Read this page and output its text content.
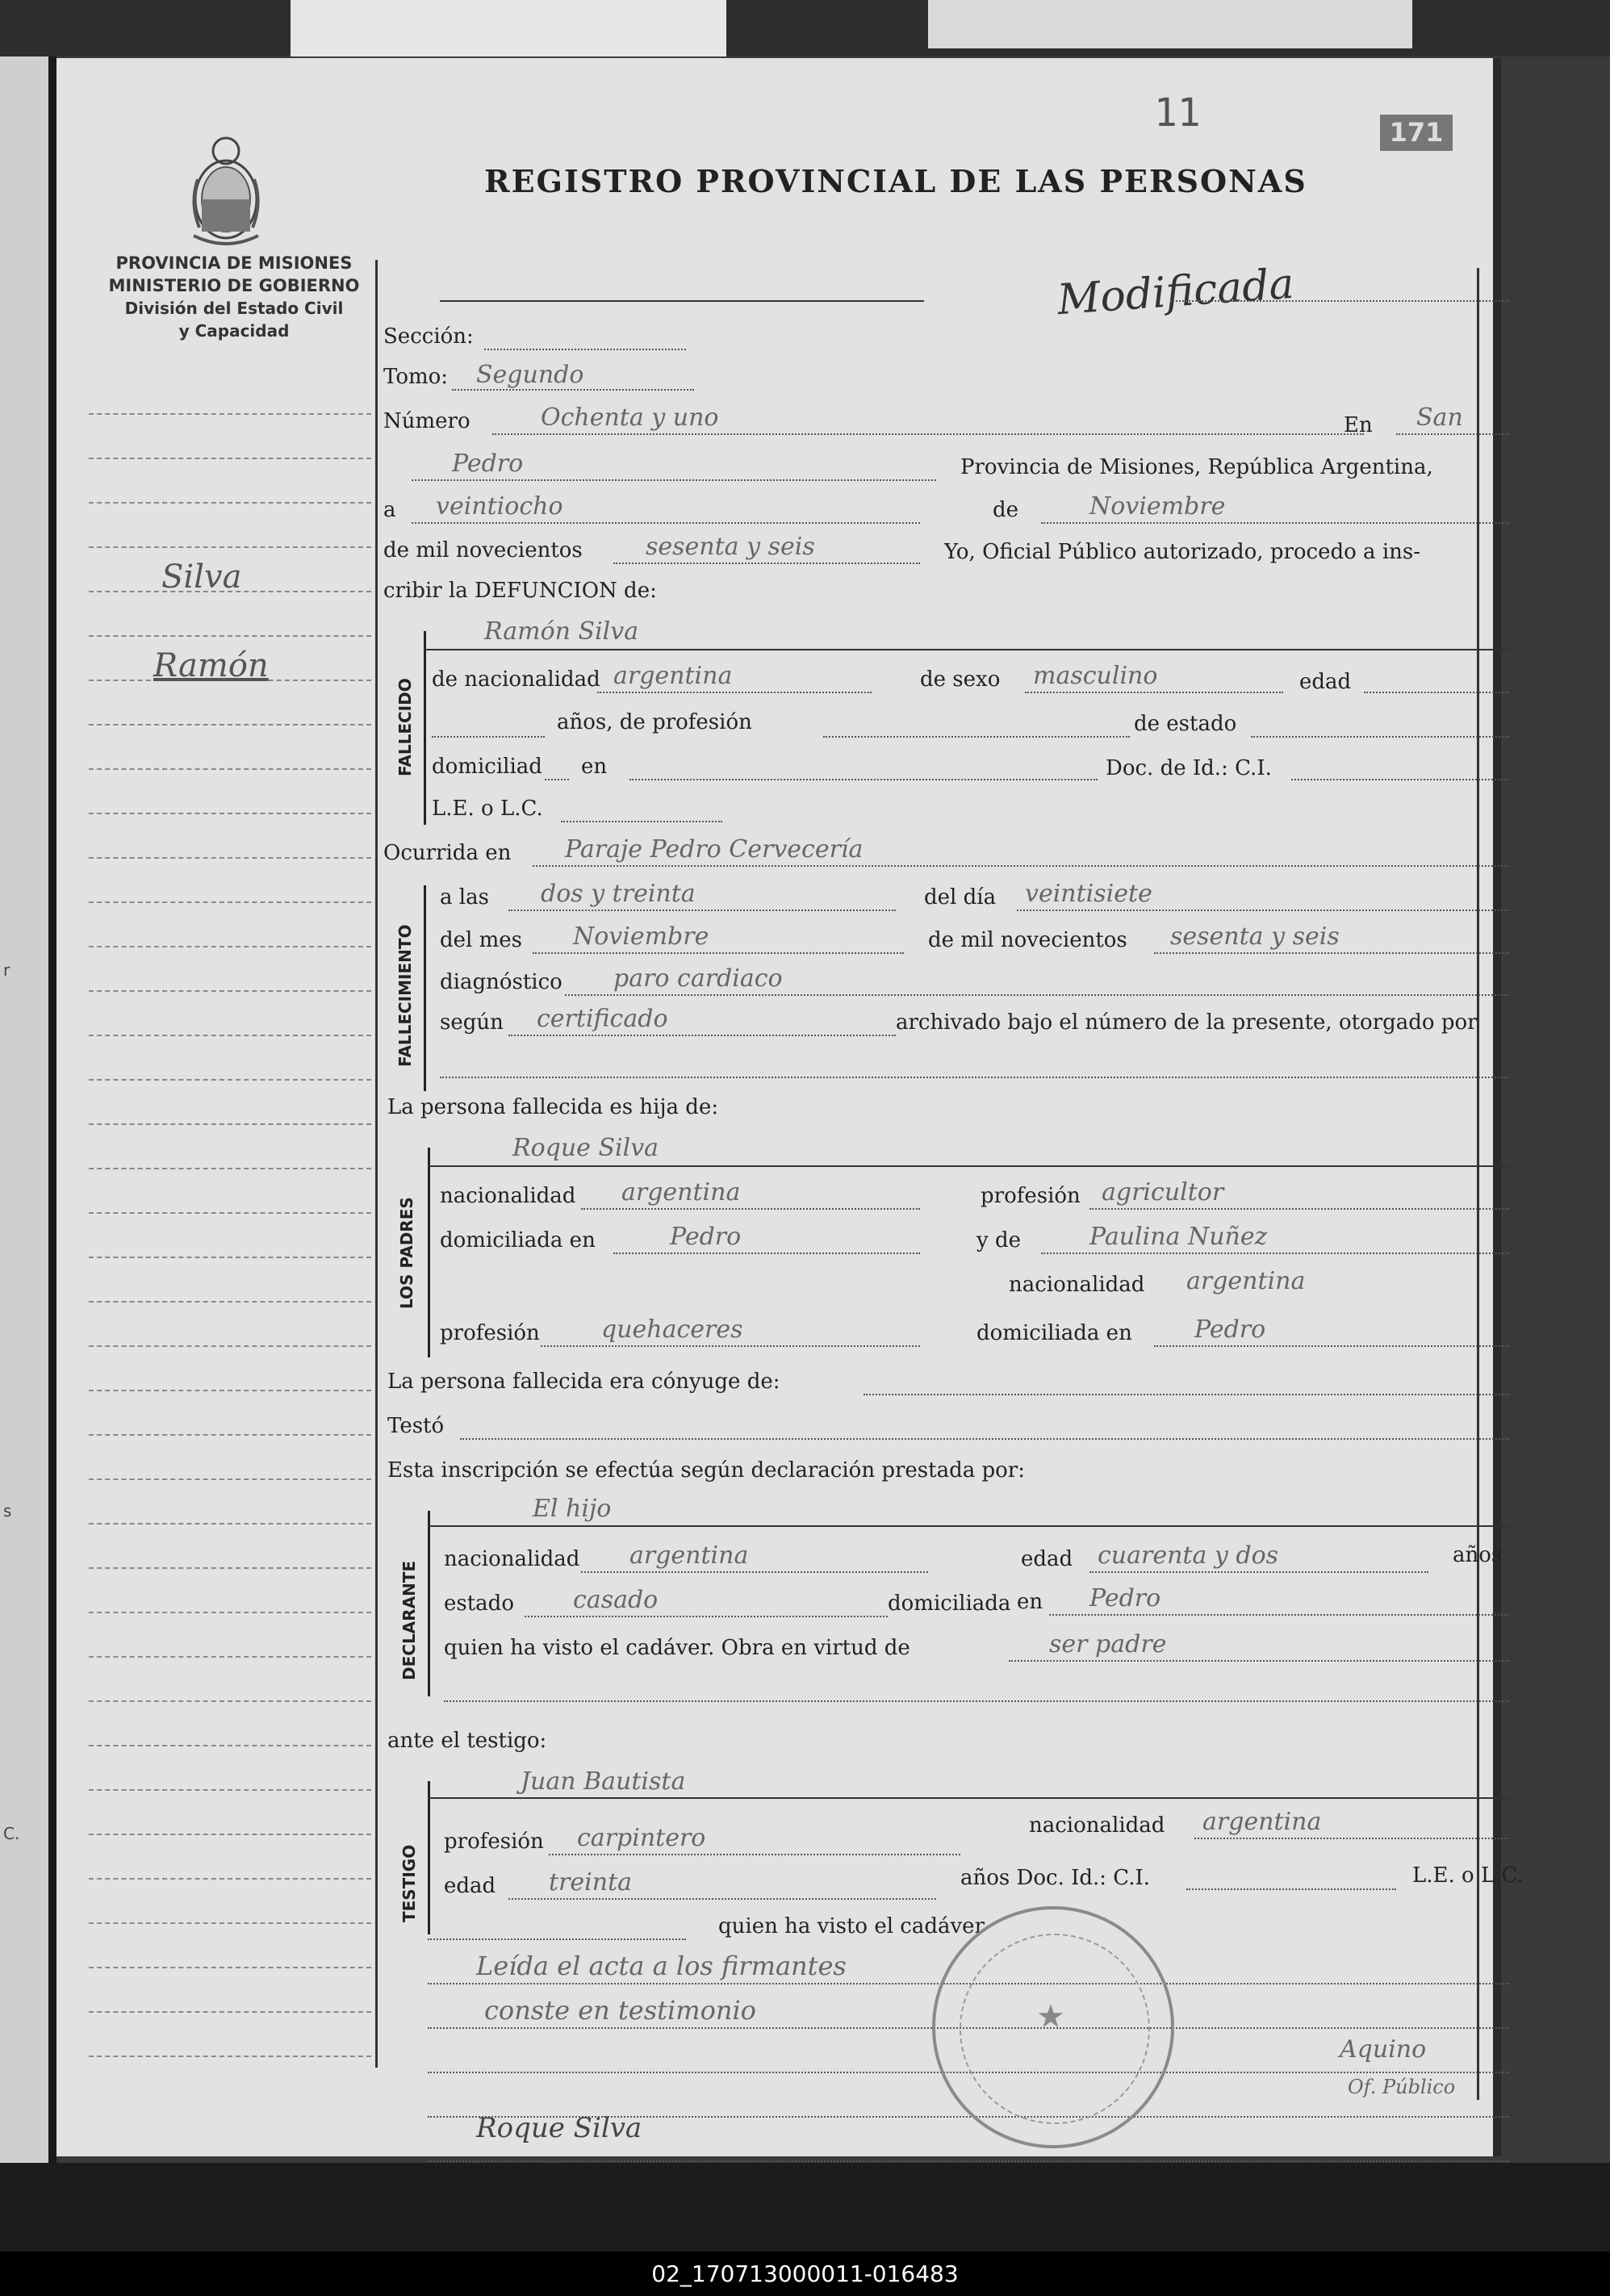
r
s
C.
PROVINCIA DE MISIONES
MINISTERIO DE GOBIERNO
División del Estado Civil
y Capacidad
Silva
Ramón
11	171
REGISTRO PROVINCIAL DE LAS PERSONAS
Modificada
Sección:
Tomo: Segundo
Número	Ochenta y uno	En San
Pedro	Provincia de Misiones, República Argentina,
a veintiocho	de	Noviembre
de mil novecientos	sesenta y seis	Yo, Oficial Público autorizado, procedo a ins-
cribir la DEFUNCION de:
FALLECIDO
Ramón Silva
de nacionalidad argentina	de sexo masculino	edad
años, de profesión	de estado
domiciliad en	Doc. de Id.: C.I.
L.E. o L.C.
Ocurrida en Paraje Pedro Cervecería
FALLECIMIENTO
a las dos y treinta	del día veintisiete
del mes Noviembre	de mil novecientos sesenta y seis
diagnóstico paro cardiaco
según certificado	archivado bajo el número de la presente, otorgado por
La persona fallecida es hija de:
LOS PADRES
Roque Silva
nacionalidad argentina	profesión agricultor
domiciliada en	Pedro	y de	Paulina Nuñez
nacionalidad argentina
profesión	quehaceres	domiciliada en	Pedro
La persona fallecida era cónyuge de:
Testó
Esta inscripción se efectúa según declaración prestada por:
DECLARANTE
El hijo
nacionalidad argentina	edad cuarenta y dos	años
estado casado	domiciliada en Pedro
quien ha visto el cadáver. Obra en virtud de	ser padre
ante el testigo:
TESTIGO
Juan Bautista
profesión carpintero	nacionalidad argentina
edad treinta	años Doc. Id.: C.I.	L.E. o L.C.
quien ha visto el cadáver
Leída el acta a los firmantes
conste en testimonio
Aquino
Of. Público
Roque Silva
★
02_170713000011-016483
